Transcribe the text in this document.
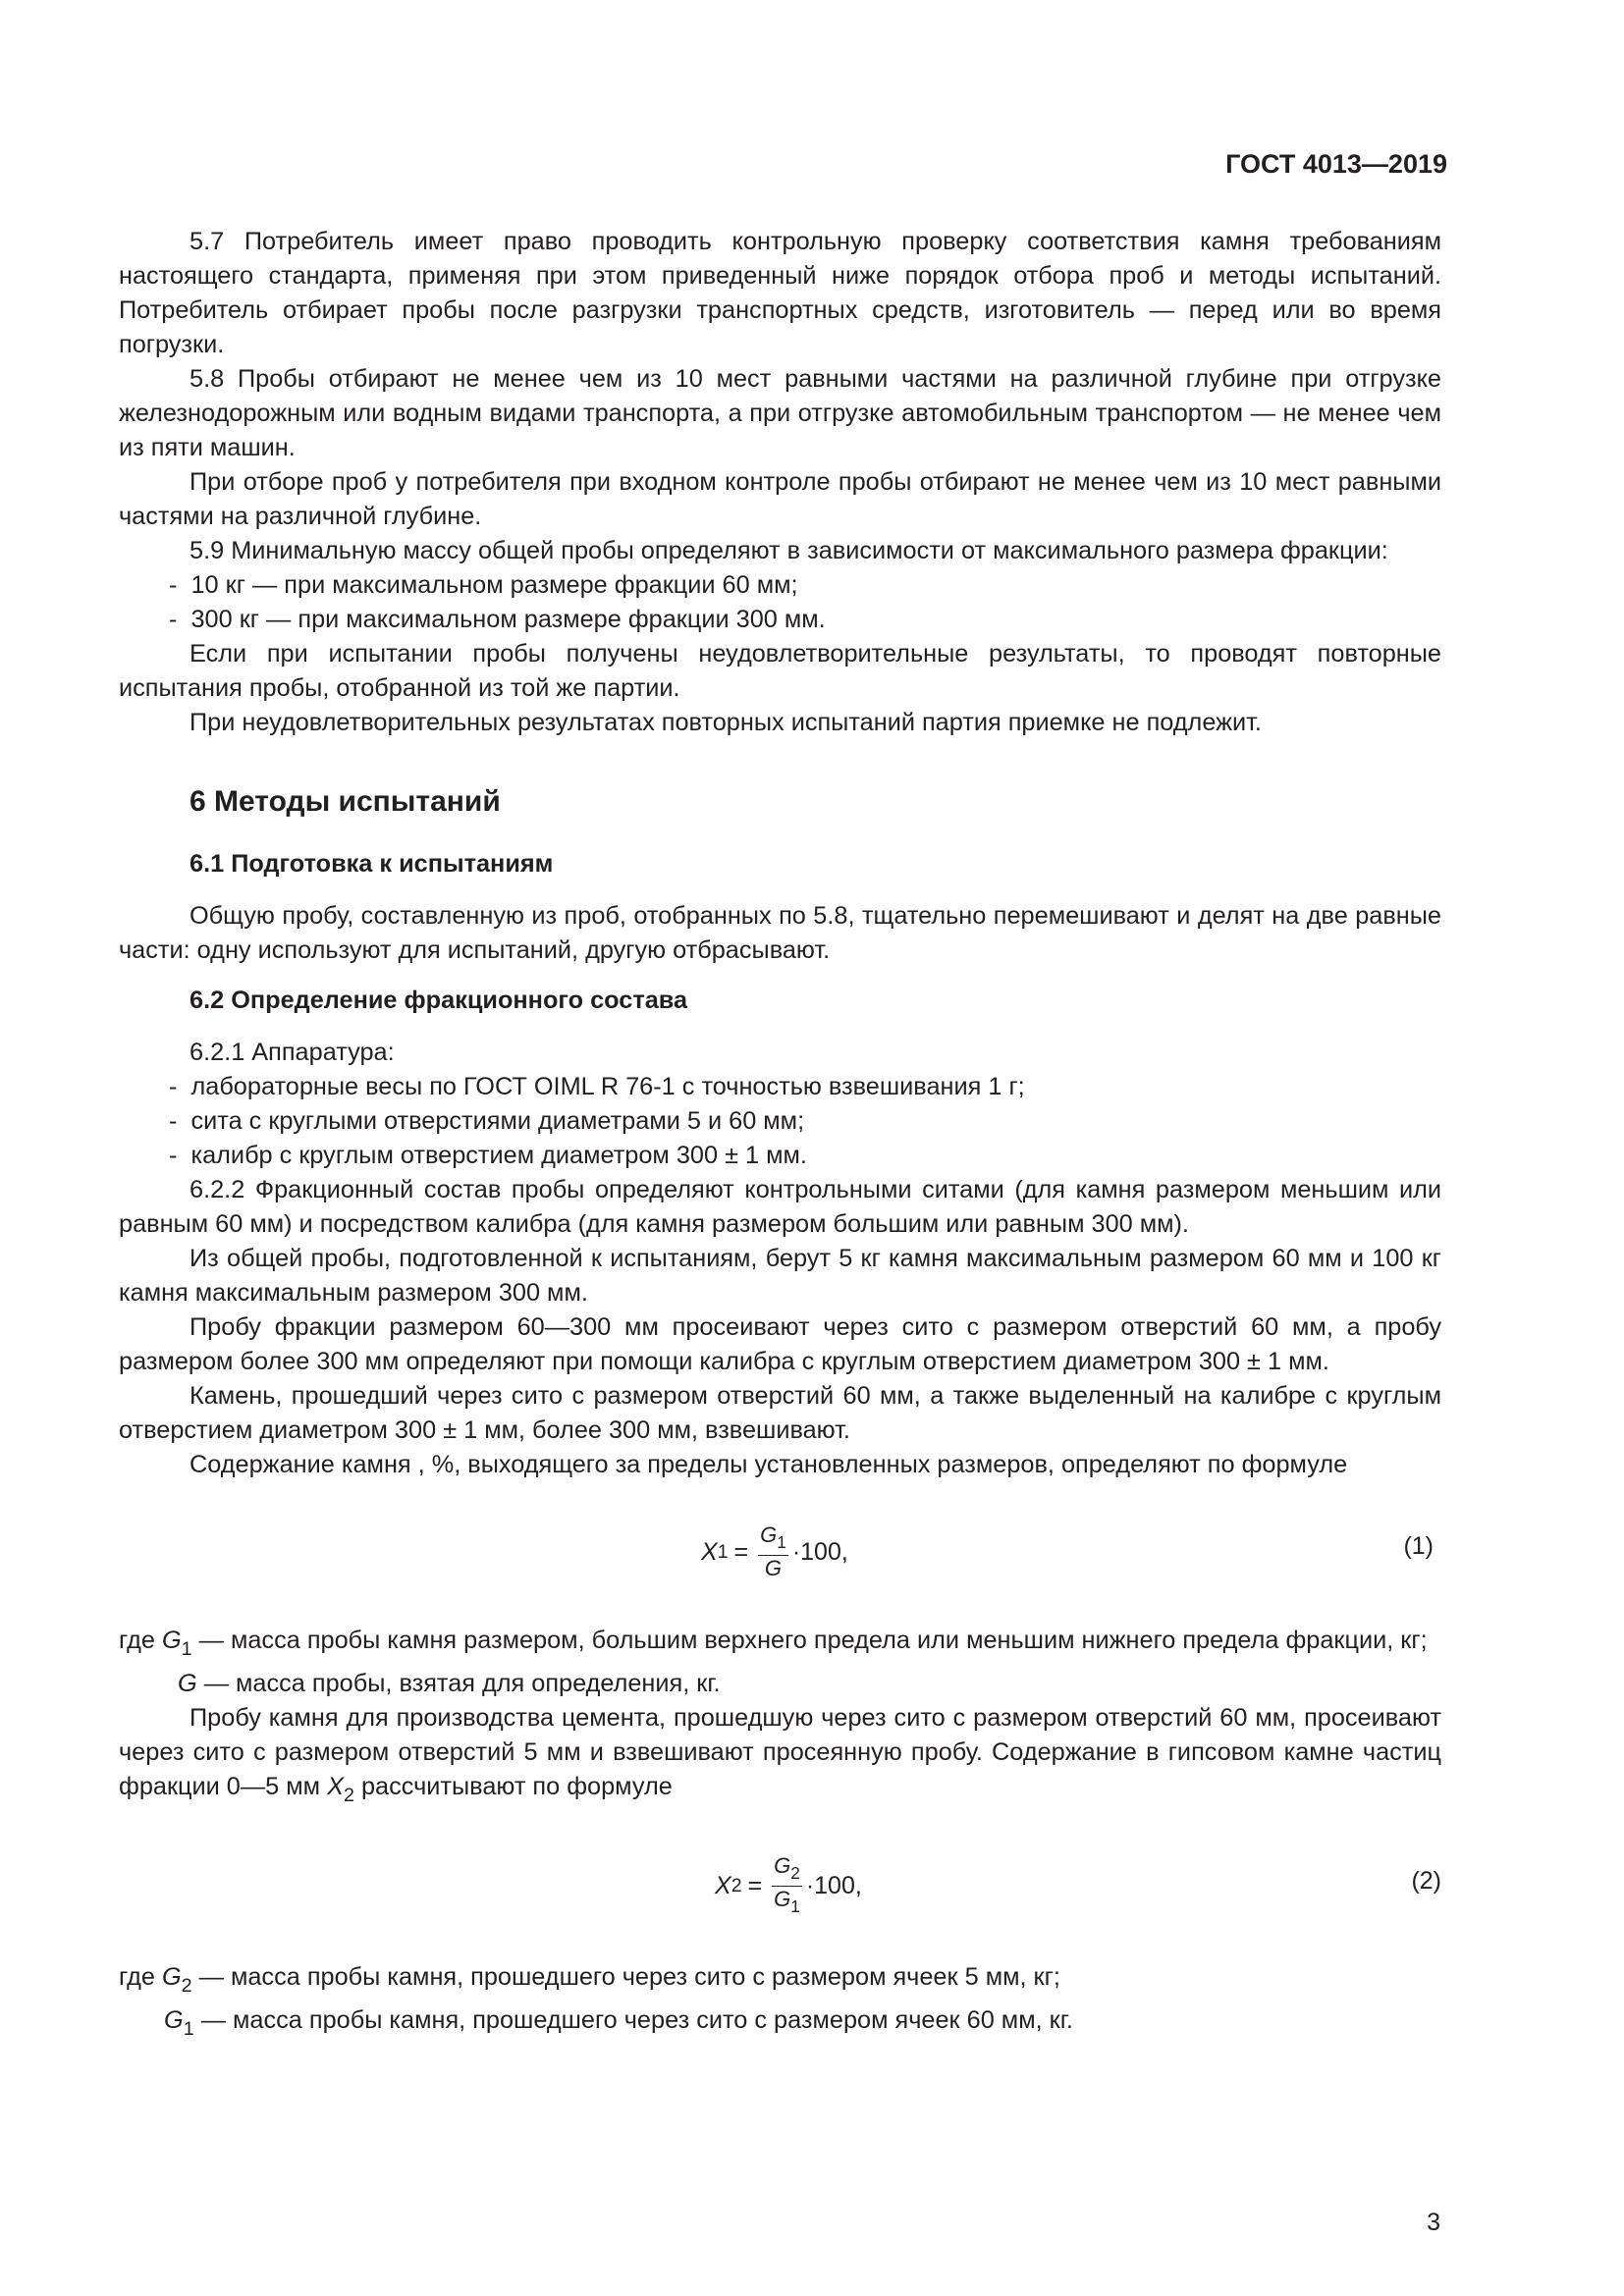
ГОСТ 4013—2019

5.7 Потребитель имеет право проводить контрольную проверку соответствия камня требованиям настоящего стандарта, применяя при этом приведенный ниже порядок отбора проб и методы испытаний. Потребитель отбирает пробы после разгрузки транспортных средств, изготовитель — перед или во время погрузки.

5.8 Пробы отбирают не менее чем из 10 мест равными частями на различной глубине при отгрузке железнодорожным или водным видами транспорта, а при отгрузке автомобильным транспортом — не менее чем из пяти машин.

При отборе проб у потребителя при входном контроле пробы отбирают не менее чем из 10 мест равными частями на различной глубине.

5.9 Минимальную массу общей пробы определяют в зависимости от максимального размера фракции:

-  10 кг — при максимальном размере фракции 60 мм;

-  300 кг — при максимальном размере фракции 300 мм.

Если при испытании пробы получены неудовлетворительные результаты, то проводят повторные испытания пробы, отобранной из той же партии.

При неудовлетворительных результатах повторных испытаний партия приемке не подлежит.

6 Методы испытаний
6.1 Подготовка к испытаниям

Общую пробу, составленную из проб, отобранных по 5.8, тщательно перемешивают и делят на две равные части: одну используют для испытаний, другую отбрасывают.

6.2 Определение фракционного состава

6.2.1 Аппаратура:

-  лабораторные весы по ГОСТ OIML R 76-1 с точностью взвешивания 1 г;

-  сита с круглыми отверстиями диаметрами 5 и 60 мм;

-  калибр с круглым отверстием диаметром 300 ± 1 мм.

6.2.2 Фракционный состав пробы определяют контрольными ситами (для камня размером меньшим или равным 60 мм) и посредством калибра (для камня размером большим или равным 300 мм).

Из общей пробы, подготовленной к испытаниям, берут 5 кг камня максимальным размером 60 мм и 100 кг камня максимальным размером 300 мм.

Пробу фракции размером 60—300 мм просеивают через сито с размером отверстий 60 мм, а пробу размером более 300 мм определяют при помощи калибра с круглым отверстием диаметром 300 ± 1 мм.

Камень, прошедший через сито с размером отверстий 60 мм, а также выделенный на калибре с круглым отверстием диаметром 300 ± 1 мм, более 300 мм, взвешивают.

Содержание камня , %, выходящего за пределы установленных размеров, определяют по формуле

X $1 = \frac{G_1}{G} \cdot 100$,	(1)

где $G_1$ — масса пробы камня размером, большим верхнего предела или меньшим нижнего предела фракции, кг;

G — масса пробы, взятая для определения, кг.

Пробу камня для производства цемента, прошедшую через сито с размером отверстий 60 мм, просеивают через сито с размером отверстий 5 мм и взвешивают просеянную пробу. Содержание в гипсовом камне частиц фракции 0—5 мм $X_2$ рассчитывают по формуле

X $2 = \frac{G_2}{G_1} \cdot 100$,	(2)

где $G_2$ — масса пробы камня, прошедшего через сито с размером ячеек 5 мм, кг;

$G_1$ — масса пробы камня, прошедшего через сито с размером ячеек 60 мм, кг.

3
